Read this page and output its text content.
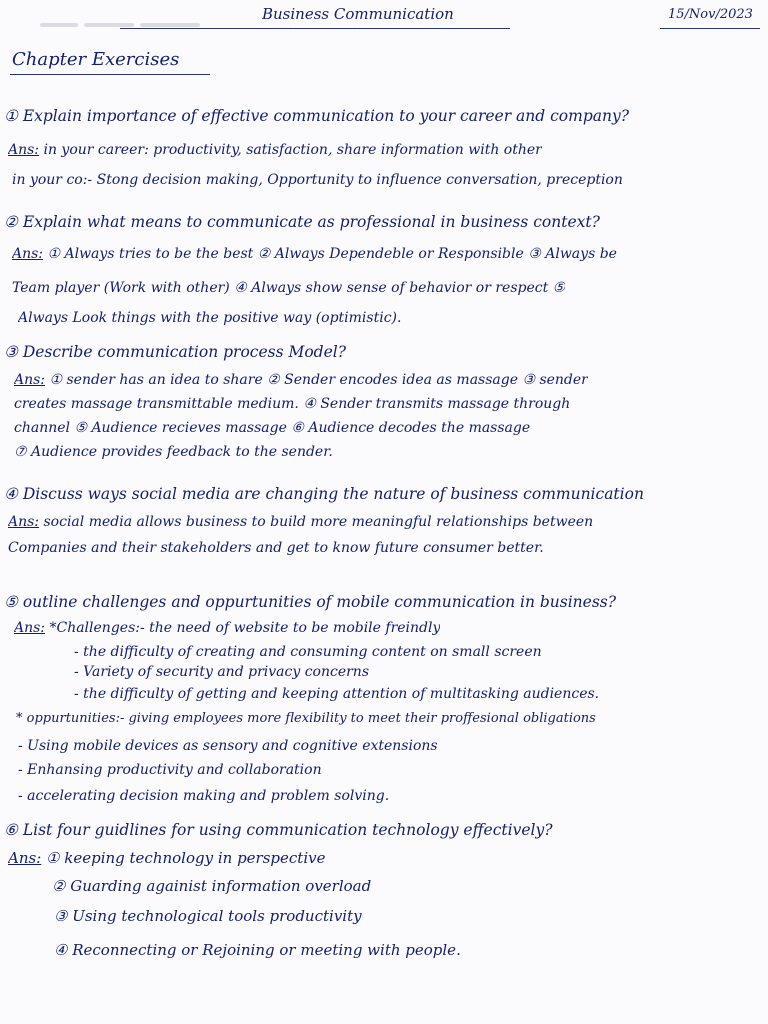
Business Communication	15/Nov/2023
Chapter Exercises
① Explain importance of effective communication to your career and company?
Ans: in your career: productivity, satisfaction, share information with other
in your co:- Stong decision making, Opportunity to influence conversation, preception
② Explain what means to communicate as professional in business context?
Ans: ① Always tries to be the best ② Always Dependeble or Responsible ③ Always be
Team player (Work with other) ④ Always show sense of behavior or respect ⑤
Always Look things with the positive way (optimistic).
③ Describe communication process Model?
Ans: ① sender has an idea to share ② Sender encodes idea as massage ③ sender
creates massage transmittable medium. ④ Sender transmits massage through
channel ⑤ Audience recieves massage ⑥ Audience decodes the massage
⑦ Audience provides feedback to the sender.
④ Discuss ways social media are changing the nature of business communication
Ans: social media allows business to build more meaningful relationships between
Companies and their stakeholders and get to know future consumer better.
⑤ outline challenges and oppurtunities of mobile communication in business?
Ans: *Challenges:- the need of website to be mobile freindly
- the difficulty of creating and consuming content on small screen
- Variety of security and privacy concerns
- the difficulty of getting and keeping attention of multitasking audiences.
* oppurtunities:- giving employees more flexibility to meet their proffesional obligations
- Using mobile devices as sensory and cognitive extensions
- Enhansing productivity and collaboration
- accelerating decision making and problem solving.
⑥ List four guidlines for using communication technology effectively?
Ans: ① keeping technology in perspective
② Guarding againist information overload
③ Using technological tools productivity
④ Reconnecting or Rejoining or meeting with people.
